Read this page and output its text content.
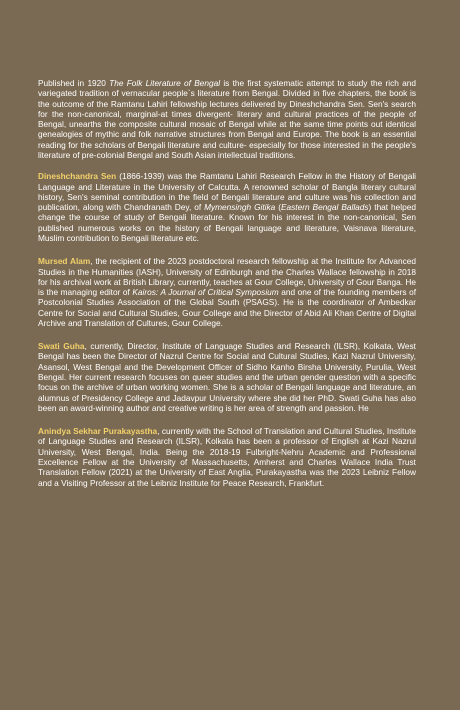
Published in 1920 The Folk Literature of Bengal is the first systematic attempt to study the rich and variegated tradition of vernacular people`s literature from Bengal. Divided in five chapters, the book is the outcome of the Ramtanu Lahiri fellowship lectures delivered by Dineshchandra Sen. Sen's search for the non-canonical, marginal-at times divergent- literary and cultural practices of the people of Bengal, unearths the composite cultural mosaic of Bengal while at the same time points out identical genealogies of mythic and folk narrative structures from Bengal and Europe. The book is an essential reading for the scholars of Bengali literature and culture- especially for those interested in the people's literature of pre-colonial Bengal and South Asian intellectual traditions.

Dineshchandra Sen (1866-1939) was the Ramtanu Lahiri Research Fellow in the History of Bengali Language and Literature in the University of Calcutta. A renowned scholar of Bangla literary cultural history, Sen's seminal contribution in the field of Bengali literature and culture was his collection and publication, along with Chandranath Dey, of Mymensingh Gitika (Eastern Bengal Ballads) that helped change the course of study of Bengali literature. Known for his interest in the non-canonical, Sen published numerous works on the history of Bengali language and literature, Vaisnava literature, Muslim contribution to Bengali literature etc.

Mursed Alam, the recipient of the 2023 postdoctoral research fellowship at the Institute for Advanced Studies in the Humanities (IASH), University of Edinburgh and the Charles Wallace fellowship in 2018 for his archival work at British Library, currently, teaches at Gour College, University of Gour Banga. He is the managing editor of Kairos: A Journal of Critical Symposium and one of the founding members of Postcolonial Studies Association of the Global South (PSAGS). He is the coordinator of Ambedkar Centre for Social and Cultural Studies, Gour College and the Director of Abid Ali Khan Centre of Digital Archive and Translation of Cultures, Gour College.

Swati Guha, currently, Director, Institute of Language Studies and Research (ILSR), Kolkata, West Bengal has been the Director of Nazrul Centre for Social and Cultural Studies, Kazi Nazrul University, Asansol, West Bengal and the Development Officer of Sidho Kanho Birsha University, Purulia, West Bengal. Her current research focuses on queer studies and the urban gender question with a specific focus on the archive of urban working women. She is a scholar of Bengali language and literature, an alumnus of Presidency College and Jadavpur University where she did her PhD. Swati Guha has also been an award-winning author and creative writing is her area of strength and passion. He

Anindya Sekhar Purakayastha, currently with the School of Translation and Cultural Studies, Institute of Language Studies and Research (ILSR), Kolkata has been a professor of English at Kazi Nazrul University, West Bengal, India. Being the 2018-19 Fulbright-Nehru Academic and Professional Excellence Fellow at the University of Massachusetts, Amherst and Charles Wallace India Trust Translation Fellow (2021) at the University of East Anglia, Purakayastha was the 2023 Leibniz Fellow and a Visiting Professor at the Leibniz Institute for Peace Research, Frankfurt.
